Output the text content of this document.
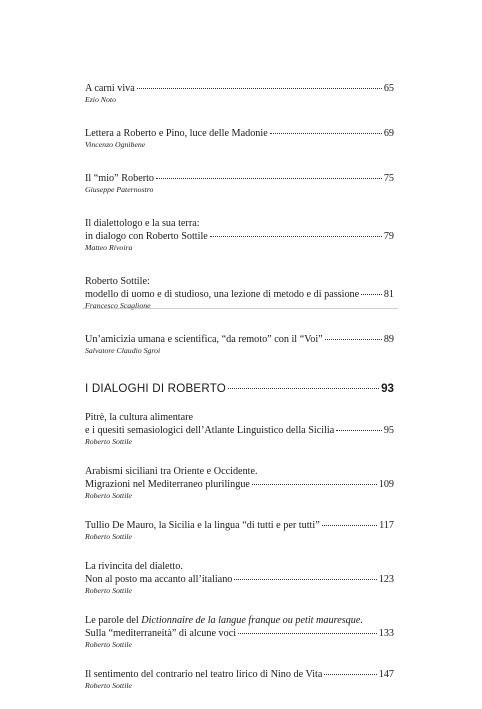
A carni viva	65
Ezio Noto
Lettera a Roberto e Pino, luce delle Madonie	69
Vincenzo Ognibene
Il “mio” Roberto	75
Giuseppe Paternostro
Il dialettologo e la sua terra:
in dialogo con Roberto Sottile	79
Matteo Rivoira
Roberto Sottile:
modello di uomo e di studioso, una lezione di metodo e di passione 81
Francesco Scaglione
Un’amicizia umana e scientifica, “da remoto” con il “Voi”	89
Salvatore Claudio Sgroi
I DIALOGHI DI ROBERTO	93
Pitrè, la cultura alimentare
e i quesiti semasiologici dell’Atlante Linguistico della Sicilia	95
Roberto Sottile
Arabismi siciliani tra Oriente e Occidente.
Migrazioni nel Mediterraneo plurilingue	109
Roberto Sottile
Tullio De Mauro, la Sicilia e la lingua “di tutti e per tutti”	117
Roberto Sottile
La rivincita del dialetto.
Non al posto ma accanto all’italiano	123
Roberto Sottile
Le parole del Dictionnaire de la langue franque ou petit mauresque.
Sulla “mediterraneità” di alcune voci	133
Roberto Sottile
Il sentimento del contrario nel teatro lirico di Nino de Vita	147
Roberto Sottile
